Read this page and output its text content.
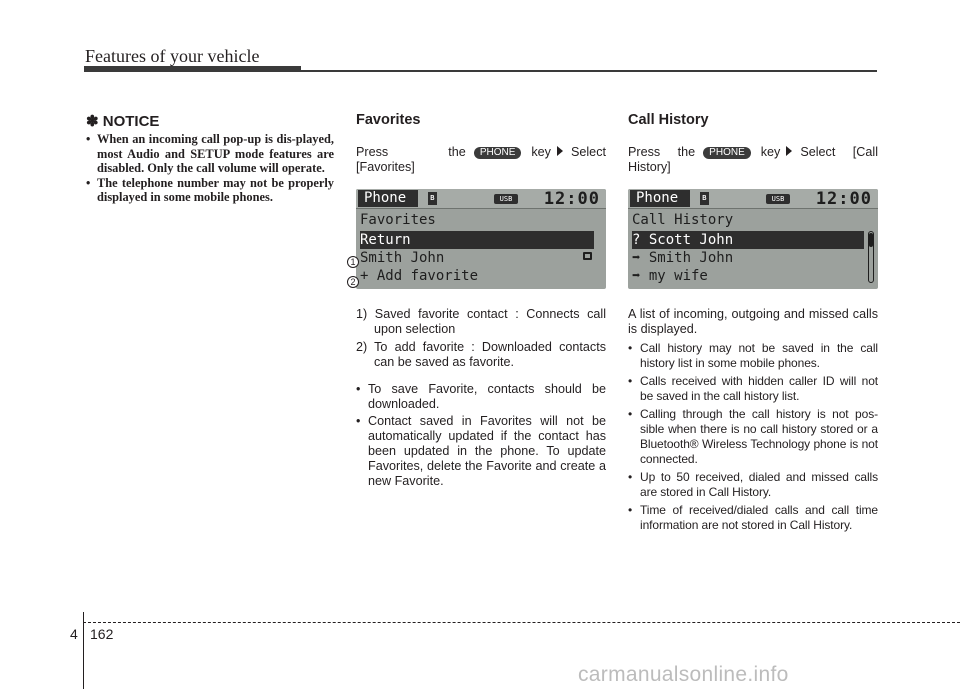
Features of your vehicle
✽ NOTICE
• When an incoming call pop-up is dis-played, most Audio and SETUP mode features are disabled. Only the call volume will operate.
• The telephone number may not be properly displayed in some mobile phones.
Favorites
Press the PHONE key Select [Favorites]
Phone	ʙ	USB	12:00
Favorites
Return
Smith John
+ Add favorite
1) Saved favorite contact : Connects call upon selection
2) To add favorite : Downloaded contacts can be saved as favorite.
• To save Favorite, contacts should be downloaded.
• Contact saved in Favorites will not be automatically updated if the contact has been updated in the phone. To update Favorites, delete the Favorite and create a new Favorite.
1
2
Call History
Press the PHONE key Select [Call History]
Phone	ʙ	USB	12:00
Call History
? Scott John
➡ Smith John
➡ my wife
A list of incoming, outgoing and missed calls is displayed.
• Call history may not be saved in the call history list in some mobile phones.
• Calls received with hidden caller ID will not be saved in the call history list.
• Calling through the call history is not pos-sible when there is no call history stored or a Bluetooth® Wireless Technology phone is not connected.
• Up to 50 received, dialed and missed calls are stored in Call History.
• Time of received/dialed calls and call time information are not stored in Call History.
4 162
carmanualsonline.info
